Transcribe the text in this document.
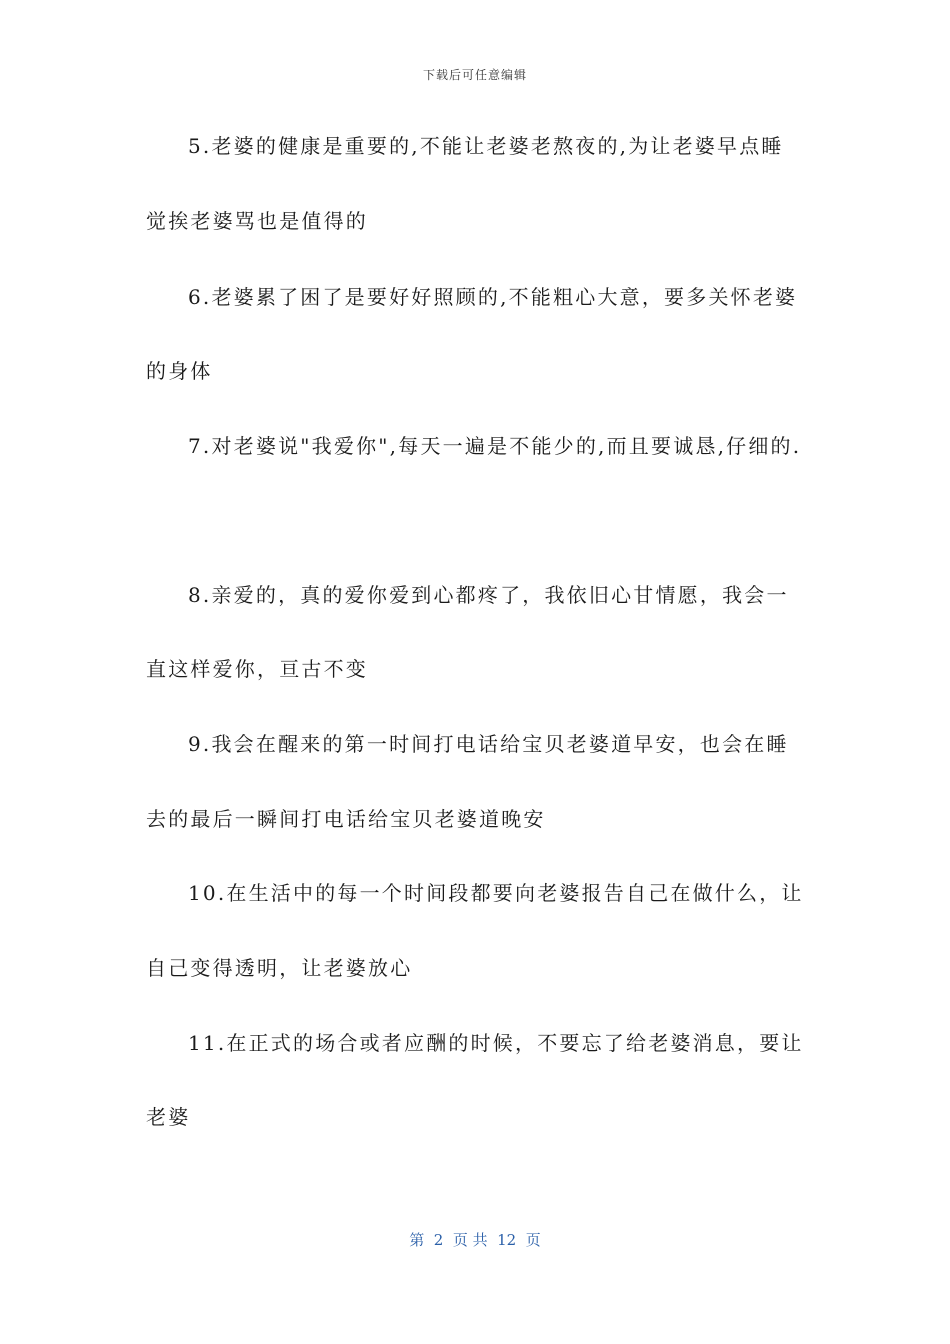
下载后可任意编辑
5.老婆的健康是重要的,不能让老婆老熬夜的,为让老婆早点睡
觉挨老婆骂也是值得的
6.老婆累了困了是要好好照顾的,不能粗心大意，要多关怀老婆
的身体
7.对老婆说"我爱你",每天一遍是不能少的,而且要诚恳,仔细的.
8.亲爱的，真的爱你爱到心都疼了，我依旧心甘情愿，我会一
直这样爱你，亘古不变
9.我会在醒来的第一时间打电话给宝贝老婆道早安，也会在睡
去的最后一瞬间打电话给宝贝老婆道晚安
10.在生活中的每一个时间段都要向老婆报告自己在做什么，让
自己变得透明，让老婆放心
11.在正式的场合或者应酬的时候，不要忘了给老婆消息，要让
老婆
第  2  页 共  12  页
